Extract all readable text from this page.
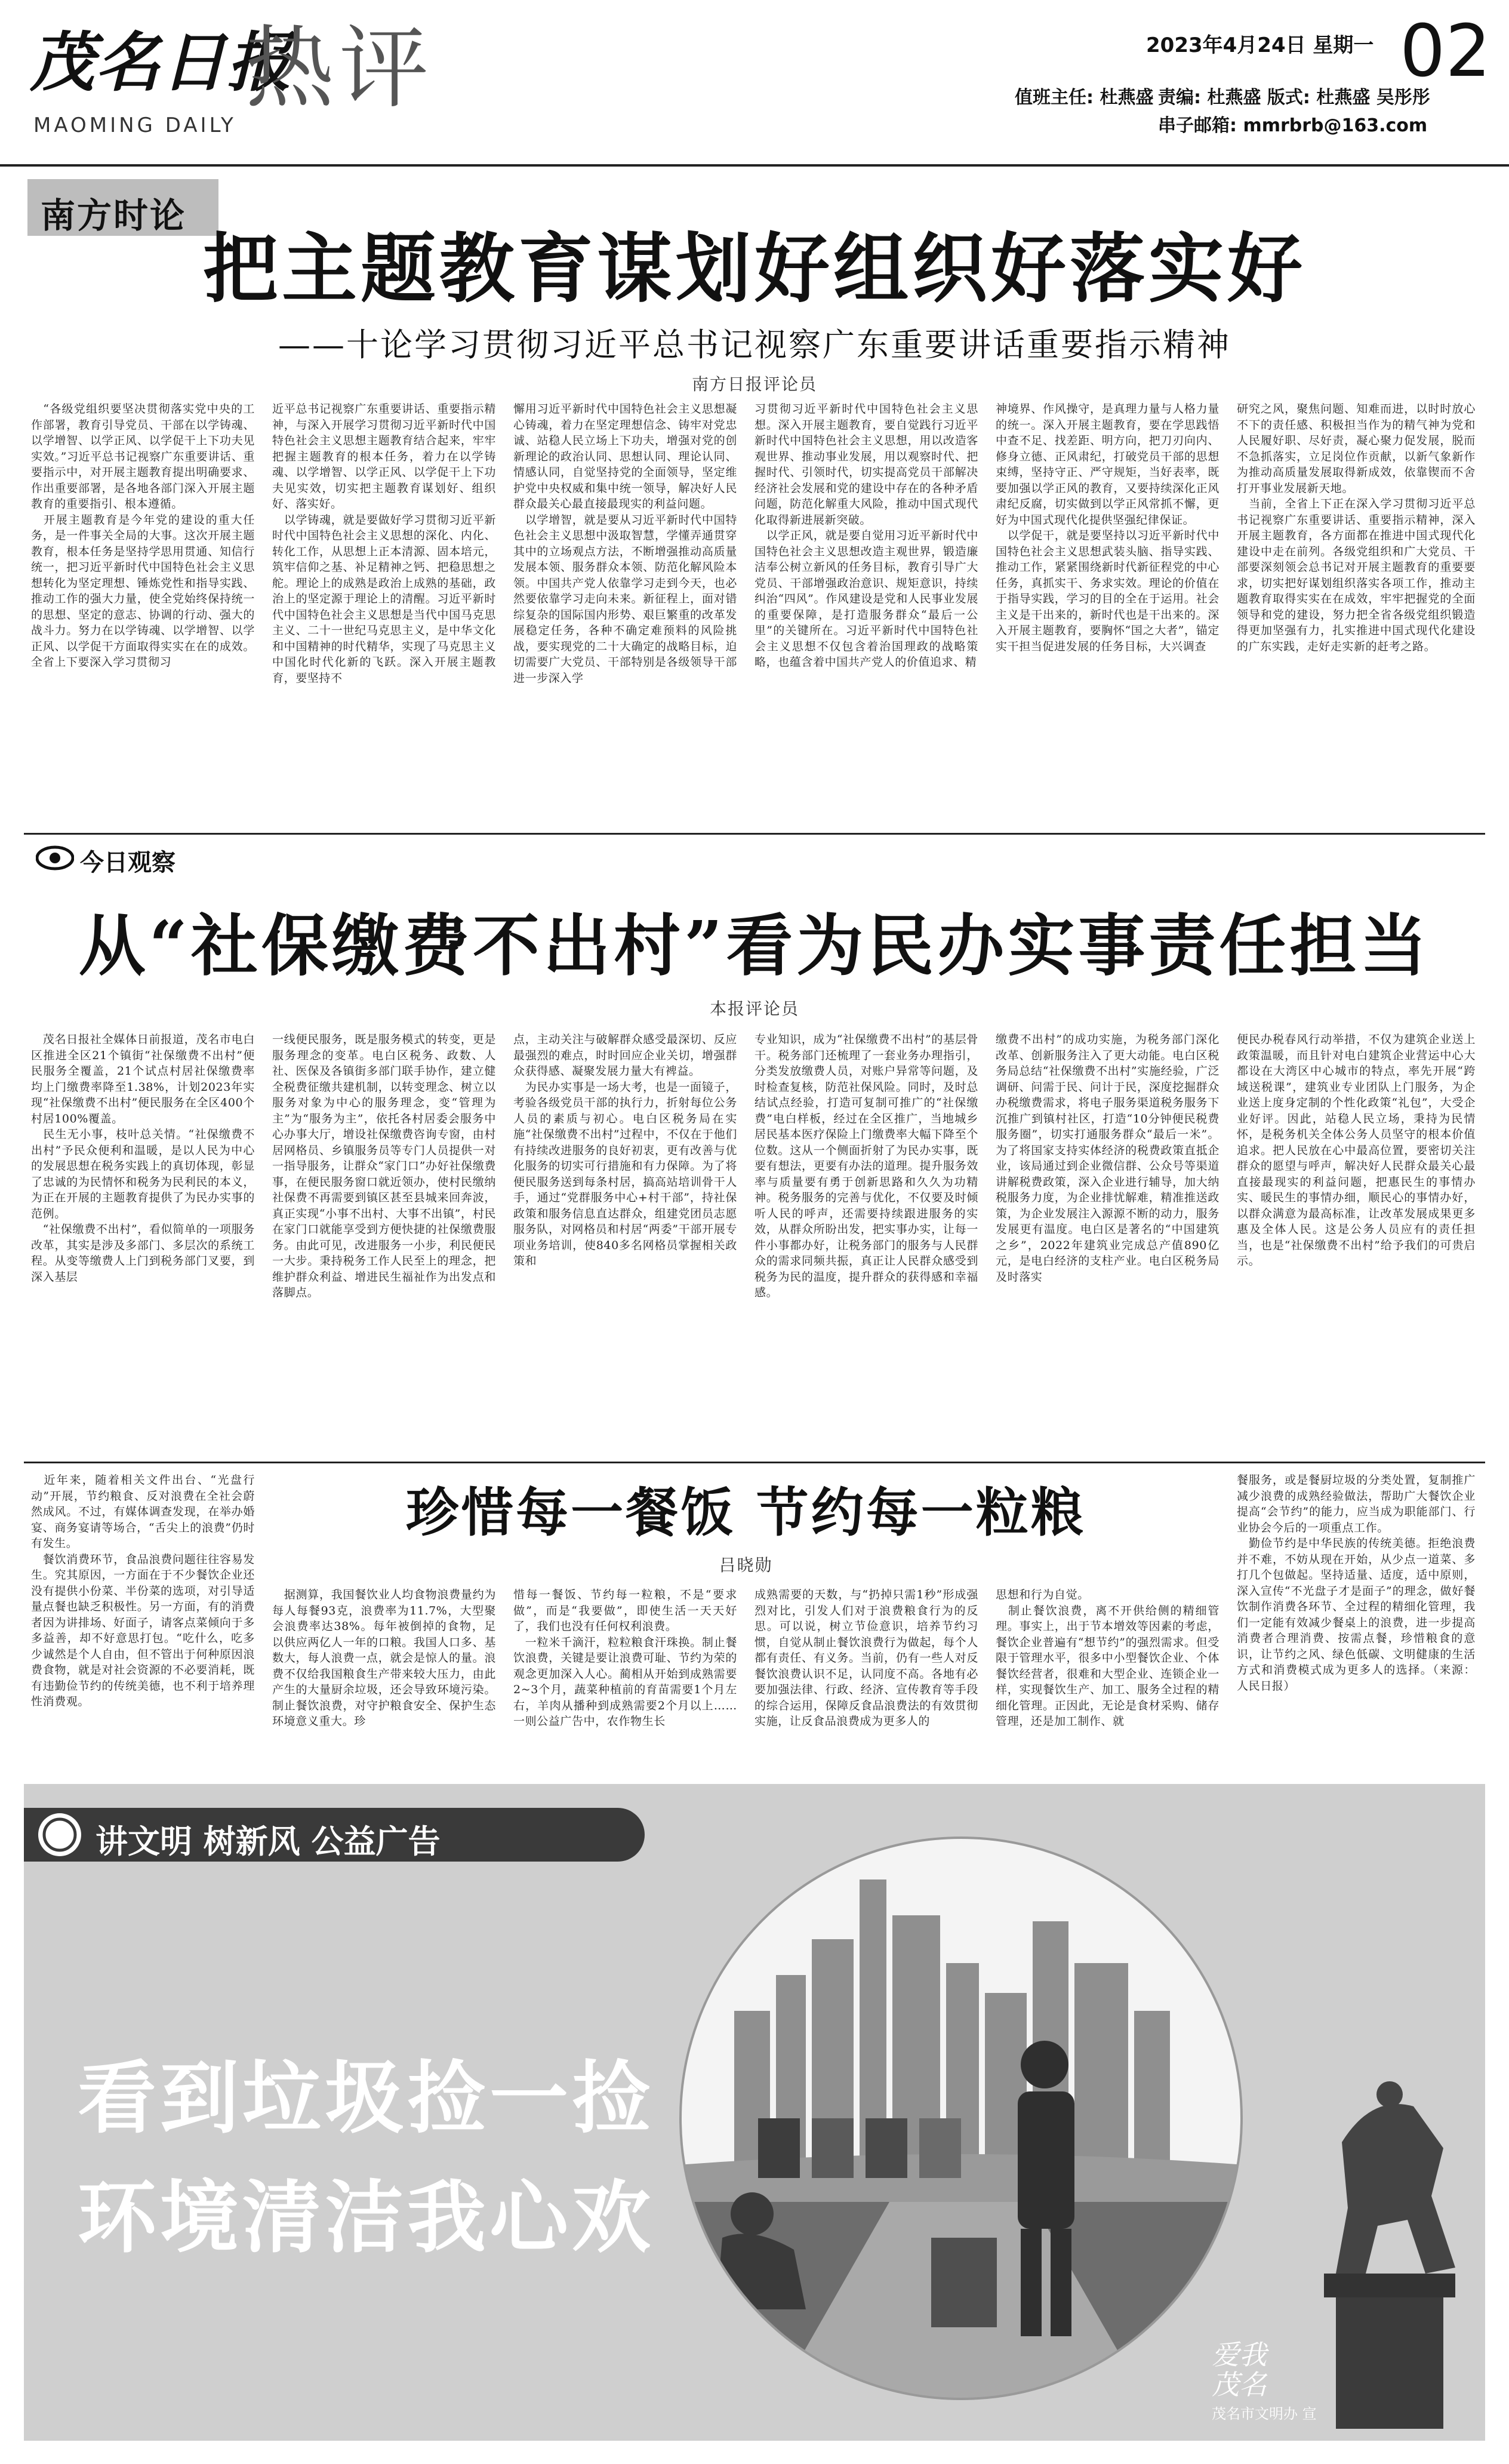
茂名日报
MAOMING DAILY
热评	2023年4月24日 星期一 02
值班主任: 杜燕盛 责编: 杜燕盛 版式: 杜燕盛 吴彤彤
串子邮箱: mmrbrb@163.com
南方时论
把主题教育谋划好组织好落实好
——十论学习贯彻习近平总书记视察广东重要讲话重要指示精神
南方日报评论员
　“各级党组织要坚决贯彻落实党中央的工作部署，教育引导党员、干部在以学铸魂、以学增智、以学正风、以学促干上下功夫见实效。”习近平总书记视察广东重要讲话、重要指示中，对开展主题教育提出明确要求、作出重要部署，是各地各部门深入开展主题教育的重要指引、根本遵循。
　开展主题教育是今年党的建设的重大任务，是一件事关全局的大事。这次开展主题教育，根本任务是坚持学思用贯通、知信行统一，把习近平新时代中国特色社会主义思想转化为坚定理想、锤炼党性和指导实践、推动工作的强大力量，使全党始终保持统一的思想、坚定的意志、协调的行动、强大的战斗力。努力在以学铸魂、以学增智、以学正风、以学促干方面取得实实在在的成效。全省上下要深入学习贯彻习
近平总书记视察广东重要讲话、重要指示精神，与深入开展学习贯彻习近平新时代中国特色社会主义思想主题教育结合起来，牢牢把握主题教育的根本任务，着力在以学铸魂、以学增智、以学正风、以学促干上下功夫见实效，切实把主题教育谋划好、组织好、落实好。
　以学铸魂，就是要做好学习贯彻习近平新时代中国特色社会主义思想的深化、内化、转化工作，从思想上正本清源、固本培元，筑牢信仰之基、补足精神之钙、把稳思想之舵。理论上的成熟是政治上成熟的基础，政治上的坚定源于理论上的清醒。习近平新时代中国特色社会主义思想是当代中国马克思主义、二十一世纪马克思主义，是中华文化和中国精神的时代精华，实现了马克思主义中国化时代化新的飞跃。深入开展主题教育，要坚持不
懈用习近平新时代中国特色社会主义思想凝心铸魂，着力在坚定理想信念、铸牢对党忠诚、站稳人民立场上下功夫，增强对党的创新理论的政治认同、思想认同、理论认同、情感认同，自觉坚持党的全面领导，坚定维护党中央权威和集中统一领导，解决好人民群众最关心最直接最现实的利益问题。
　以学增智，就是要从习近平新时代中国特色社会主义思想中汲取智慧，学懂弄通贯穿其中的立场观点方法，不断增强推动高质量发展本领、服务群众本领、防范化解风险本领。中国共产党人依靠学习走到今天，也必然要依靠学习走向未来。新征程上，面对错综复杂的国际国内形势、艰巨繁重的改革发展稳定任务，各种不确定难预料的风险挑战，要实现党的二十大确定的战略目标，迫切需要广大党员、干部特别是各级领导干部进一步深入学
习贯彻习近平新时代中国特色社会主义思想。深入开展主题教育，要自觉践行习近平新时代中国特色社会主义思想，用以改造客观世界、推动事业发展，用以观察时代、把握时代、引领时代，切实提高党员干部解决经济社会发展和党的建设中存在的各种矛盾问题，防范化解重大风险，推动中国式现代化取得新进展新突破。
　以学正风，就是要自觉用习近平新时代中国特色社会主义思想改造主观世界，锻造廉洁奉公树立新风的任务目标，教育引导广大党员、干部增强政治意识、规矩意识，持续纠治“四风”。作风建设是党和人民事业发展的重要保障，是打造服务群众“最后一公里”的关键所在。习近平新时代中国特色社会主义思想不仅包含着治国理政的战略策略，也蕴含着中国共产党人的价值追求、精
神境界、作风操守，是真理力量与人格力量的统一。深入开展主题教育，要在学思践悟中查不足、找差距、明方向，把刀刃向内、修身立德、正风肃纪，打破党员干部的思想束缚，坚持守正、严守规矩，当好表率，既要加强以学正风的教育，又要持续深化正风肃纪反腐，切实做到以学正风常抓不懈，更好为中国式现代化提供坚强纪律保证。
　以学促干，就是要坚持以习近平新时代中国特色社会主义思想武装头脑、指导实践、推动工作，紧紧围绕新时代新征程党的中心任务，真抓实干、务求实效。理论的价值在于指导实践，学习的目的全在于运用。社会主义是干出来的，新时代也是干出来的。深入开展主题教育，要胸怀“国之大者”，锚定实干担当促进发展的任务目标，大兴调查
研究之风，聚焦问题、知难而进，以时时放心不下的责任感、积极担当作为的精气神为党和人民履好职、尽好责，凝心聚力促发展，脱而不急抓落实，立足岗位作贡献，以新气象新作为推动高质量发展取得新成效，依靠锲而不舍打开事业发展新天地。
　当前，全省上下正在深入学习贯彻习近平总书记视察广东重要讲话、重要指示精神，深入开展主题教育，各方面都在推进中国式现代化建设中走在前列。各级党组织和广大党员、干部要深刻领会总书记对开展主题教育的重要要求，切实把好谋划组织落实各项工作，推动主题教育取得实实在在成效，牢牢把握党的全面领导和党的建设，努力把全省各级党组织锻造得更加坚强有力，扎实推进中国式现代化建设的广东实践，走好走实新的赶考之路。
今日观察
从“社保缴费不出村”看为民办实事责任担当
本报评论员
　茂名日报社全媒体日前报道，茂名市电白区推进全区21个镇街“社保缴费不出村”便民服务全覆盖，21个试点村居社保缴费率均上门缴费率降至1.38%，计划2023年实现“社保缴费不出村”便民服务在全区400个村居100%覆盖。
　民生无小事，枝叶总关情。“社保缴费不出村”予民众便利和温暖，是以人民为中心的发展思想在税务实践上的真切体现，彰显了忠诚的为民情怀和税务为民利民的本义，为正在开展的主题教育提供了为民办实事的范例。
　“社保缴费不出村”，看似简单的一项服务改革，其实是涉及多部门、多层次的系统工程。从变等缴费人上门到税务部门叉要，到深入基层
一线便民服务，既是服务模式的转变，更是服务理念的变革。电白区税务、政数、人社、医保及各镇街多部门联手协作，建立健全税费征缴共建机制，以转变理念、树立以服务对象为中心的服务理念，变“管理为主”为“服务为主”，依托各村居委会服务中心办事大厅，增设社保缴费咨询专窗，由村居网格员、乡镇服务员等专门人员提供一对一指导服务，让群众“家门口”办好社保缴费事，在便民服务窗口就近领办，使村民缴纳社保费不再需要到镇区甚至县城来回奔波，真正实现“小事不出村、大事不出镇”，村民在家门口就能享受到方便快捷的社保缴费服务。由此可见，改进服务一小步，利民便民一大步。秉持税务工作人民至上的理念，把维护群众利益、增进民生福祉作为出发点和落脚点。
点，主动关注与破解群众感受最深切、反应最强烈的难点，时时回应企业关切，增强群众获得感、凝聚发展力量大有裨益。
　为民办实事是一场大考，也是一面镜子，考验各级党员干部的执行力，折射每位公务人员的素质与初心。电白区税务局在实施“社保缴费不出村”过程中，不仅在于他们有持续改进服务的良好初衷，更有改善与优化服务的切实可行措施和有力保障。为了将便民服务送到每条村居，搞高站培训骨干人手，通过“党群服务中心+村干部”，持社保政策和服务信息直达群众，组建党团员志愿服务队，对网格员和村居“两委”干部开展专项业务培训，使840多名网格员掌握相关政策和
专业知识，成为“社保缴费不出村”的基层骨干。税务部门还梳理了一套业务办理指引，分类发放缴费人员，对账户异常等问题，及时检查复核，防范社保风险。同时，及时总结试点经验，打造可复制可推广的“社保缴费”电白样板，经过在全区推广，当地城乡居民基本医疗保险上门缴费率大幅下降至个位数。这从一个侧面折射了为民办实事，既要有想法，更要有办法的道理。提升服务效率与质量要有勇于创新思路和久久为功精神。税务服务的完善与优化，不仅要及时倾听人民的呼声，还需要持续跟进服务的实效，从群众所盼出发，把实事办实，让每一件小事都办好，让税务部门的服务与人民群众的需求同频共振，真正让人民群众感受到税务为民的温度，提升群众的获得感和幸福感。
缴费不出村”的成功实施，为税务部门深化改革、创新服务注入了更大动能。电白区税务局总结“社保缴费不出村”实施经验，广泛调研、问需于民、问计于民，深度挖掘群众办税缴费需求，将电子服务渠道税务服务下沉推广到镇村社区，打造“10分钟便民税费服务圈”，切实打通服务群众“最后一米”。为了将国家支持实体经济的税费政策直抵企业，该局通过到企业微信群、公众号等渠道讲解税费政策，深入企业进行辅导，加大纳税服务力度，为企业排忧解难，精准推送政策，为企业发展注入源源不断的动力，服务发展更有温度。电白区是著名的“中国建筑之乡”，2022年建筑业完成总产值890亿元，是电白经济的支柱产业。电白区税务局及时落实
便民办税春风行动举措，不仅为建筑企业送上政策温暖，而且针对电白建筑企业营运中心大都设在大湾区中心城市的特点，率先开展“跨域送税课”，建筑业专业团队上门服务，为企业送上度身定制的个性化政策“礼包”，大受企业好评。因此，站稳人民立场，秉持为民情怀，是税务机关全体公务人员坚守的根本价值追求。把人民放在心中最高位置，要密切关注群众的愿望与呼声，解决好人民群众最关心最直接最现实的利益问题，把惠民生的事情办实、暖民生的事情办细，顺民心的事情办好，以群众满意为最高标准，让改革发展成果更多惠及全体人民。这是公务人员应有的责任担当，也是“社保缴费不出村”给予我们的可贵启示。
珍惜每一餐饭 节约每一粒粮
吕晓勋
　近年来，随着相关文件出台、“光盘行动”开展，节约粮食、反对浪费在全社会蔚然成风。不过，有媒体调查发现，在举办婚宴、商务宴请等场合，“舌尖上的浪费”仍时有发生。
　餐饮消费环节，食品浪费问题往往容易发生。究其原因，一方面在于不少餐饮企业还没有提供小份菜、半份菜的选项，对引导适量点餐也缺乏积极性。另一方面，有的消费者因为讲排场、好面子，请客点菜倾向于多多益善，却不好意思打包。“吃什么，吃多少诚然是个人自由，但不管出于何种原因浪费食物，就是对社会资源的不必要消耗，既有违勤俭节约的传统美德，也不利于培养理性消费观。
　据测算，我国餐饮业人均食物浪费量约为每人每餐93克，浪费率为11.7%，大型聚会浪费率达38%。每年被倒掉的食物，足以供应两亿人一年的口粮。我国人口多、基数大，每人浪费一点，就会是惊人的量。浪费不仅给我国粮食生产带来较大压力，由此产生的大量厨余垃圾，还会导致环境污染。制止餐饮浪费，对守护粮食安全、保护生态环境意义重大。珍
惜每一餐饭、节约每一粒粮，不是“要求做”，而是“我要做”，即使生活一天天好了，我们也没有任何权利浪费。
　一粒米千滴汗，粒粒粮食汗珠换。制止餐饮浪费，关键是要让浪费可耻、节约为荣的观念更加深入人心。蔺相从开始到成熟需要2~3个月，蔬菜种植前的育苗需要1个月左右，羊肉从播种到成熟需要2个月以上……一则公益广告中，农作物生长
成熟需要的天数，与“扔掉只需1秒”形成强烈对比，引发人们对于浪费粮食行为的反思。可以说，树立节俭意识，培养节约习惯，自觉从制止餐饮浪费行为做起，每个人都有责任、有义务。当前，仍有一些人对反餐饮浪费认识不足，认同度不高。各地有必要加强法律、行政、经济、宣传教育等手段的综合运用，保障反食品浪费法的有效贯彻实施，让反食品浪费成为更多人的
思想和行为自觉。
　制止餐饮浪费，离不开供给侧的精细管理。事实上，出于节本增效等因素的考虑，餐饮企业普遍有“想节约”的强烈需求。但受限于管理水平，很多中小型餐饮企业、个体餐饮经营者，很难和大型企业、连锁企业一样，实现餐饮生产、加工、服务全过程的精细化管理。正因此，无论是食材采购、储存管理，还是加工制作、就
餐服务，或是餐厨垃圾的分类处置，复制推广减少浪费的成熟经验做法，帮助广大餐饮企业提高“会节约”的能力，应当成为职能部门、行业协会今后的一项重点工作。
　勤俭节约是中华民族的传统美德。拒绝浪费并不难，不妨从现在开始，从少点一道菜、多打几个包做起。坚持适量、适度，适中原则，深入宣传“不光盘子才是面子”的理念，做好餐饮制作消费各环节、全过程的精细化管理，我们一定能有效减少餐桌上的浪费，进一步提高消费者合理消费、按需点餐，珍惜粮食的意识，让节约之风、绿色低碳、文明健康的生活方式和消费模式成为更多人的选择。（来源：人民日报）
讲文明 树新风 公益广告
看到垃圾捡一捡
环境清洁我心欢
爱我
茂名
茂名市文明办 宣
